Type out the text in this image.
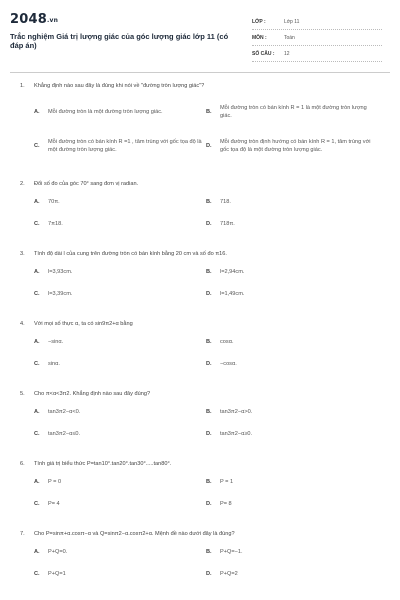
$2048_{.vn}$
Trắc nghiệm Giá trị lượng giác của góc lượng giác lớp 11 (có đáp án)
LỚP :	Lớp 11
MÔN :	Toán
SỐ CÂU :	12
1.	Khẳng định nào sau đây là đúng khi nói về "đường tròn lượng giác"?
A.	Mỗi đường tròn là một đường tròn lượng giác.	B.
Mỗi đường tròn có bán kính R = 1 là một đường tròn lượng giác.
C.
Mỗi đường tròn có bán kính R =1 , tâm trùng với gốc tọa độ là một đường tròn lượng giác.
D.
Mỗi đường tròn định hướng có bán kính R = 1, tâm trùng với gốc tọa độ là một đường tròn lượng giác.
2.	Đổi số đo của góc 70° sang đơn vị radian.
A.	70π.	B.	718.
C.	7π18.	D.	718π.
3.	Tính độ dài l của cung trên đường tròn có bán kính bằng 20 cm và số đo π16.
A.	l=3,93cm.	B.	l=2,94cm.
C.	l=3,39cm.	D.	l=1,49cm.
4.	Với mọi số thực α, ta có sin9π2+α bằng
A.	−sinα.	B.	cosα.
C.	sinα.	D.	−cosα.
5.	Cho π<α<3π2. Khẳng định nào sau đây đúng?
A.	tan3π2−α<0.	B.	tan3π2−α>0.
C.	tan3π2−α≤0.	D.	tan3π2−α≥0.
6.	Tính giá trị biểu thức P=tan10°.tan20°.tan30°.....tan80°.
A.	P = 0	B.	P = 1
C.	P= 4	D.	P= 8
7.	Cho P=sinπ+α.cosπ−α và Q=sinπ2−α.cosπ2+α. Mệnh đề nào dưới đây là đúng?
A.	P+Q=0.	B.	P+Q=−1.
C.	P+Q=1	D.	P+Q=2
